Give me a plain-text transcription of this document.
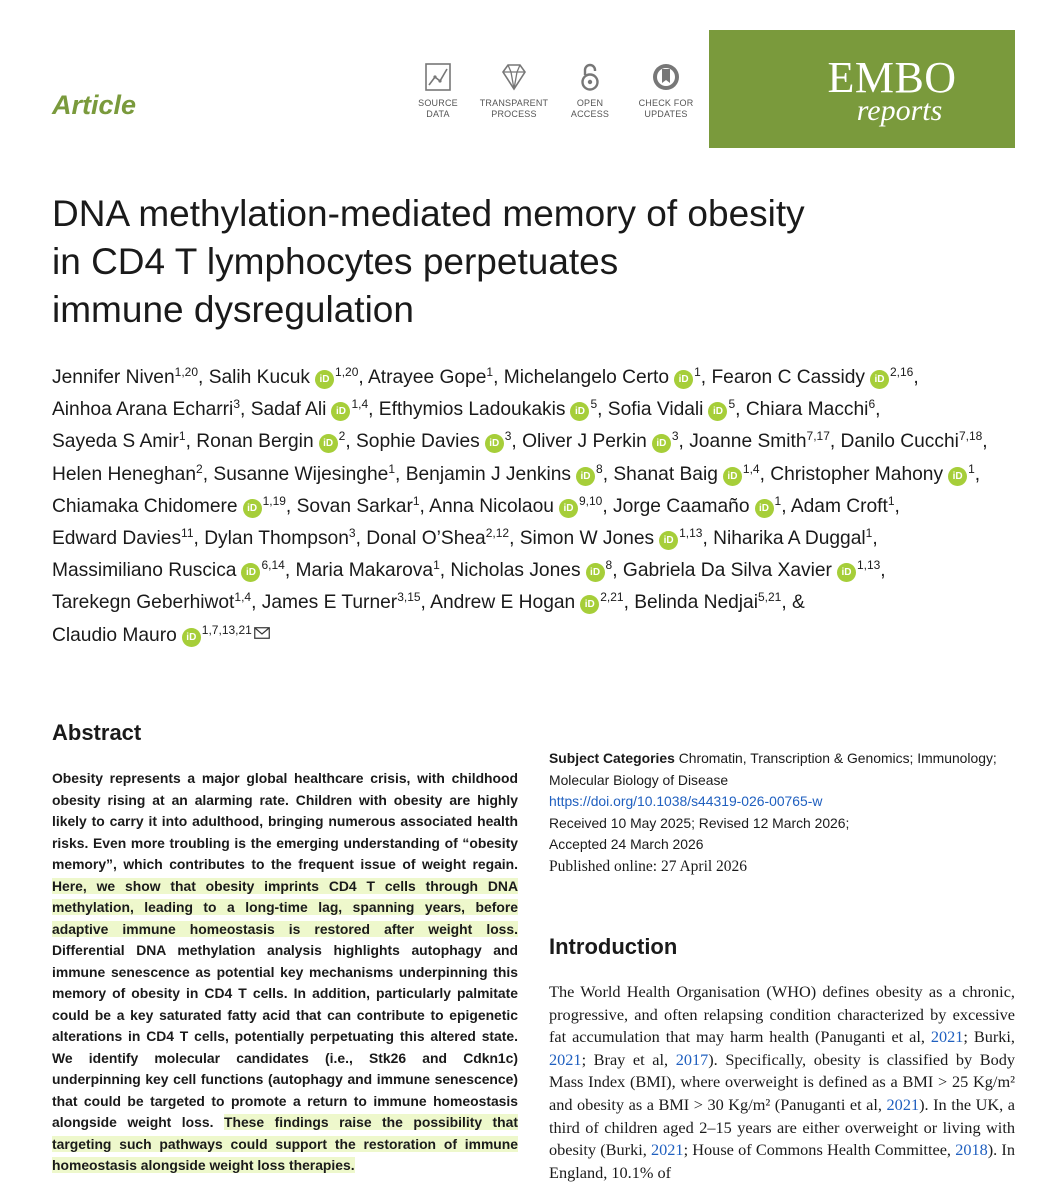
Article	SOURCE
DATA
TRANSPARENT
PROCESS
OPEN
ACCESS
CHECK FOR
UPDATES
EMBO
reports
DNA methylation-mediated memory of obesity
in CD4 T lymphocytes perpetuates
immune dysregulation
Jennifer Niven$^{1,20}$, Salih Kucuk iD$^{1,20}$, Atrayee Gope$^1$, Michelangelo Certo $iD^1$, Fearon C Cassidy iD$^{2,16}$, Ainhoa Arana Echarri$^3$, Sadaf Ali iD$^{1,4}$, Efthymios Ladoukakis $iD^5$, Sofia Vidali $iD^5$, Chiara Macchi$^6$, Sayeda S Amir$^1$, Ronan Bergin $iD^2$, Sophie Davies $iD^3$, Oliver J Perkin $iD^3$, Joanne Smith$^{7,17}$, Danilo Cucchi$^{7,18}$, Helen Heneghan$^2$, Susanne Wijesinghe$^1$, Benjamin J Jenkins $iD^8$, Shanat Baig iD$^{1,4}$, Christopher Mahony $iD^1$, Chiamaka Chidomere iD$^{1,19}$, Sovan Sarkar$^1$, Anna Nicolaou iD$^{9,10}$, Jorge Caamaño $iD^1$, Adam Croft$^1$, Edward Davies$^{11}$, Dylan Thompson$^3$, Donal O’Shea$^{2,12}$, Simon W Jones iD$^{1,13}$, Niharika A Duggal$^1$, Massimiliano Ruscica iD$^{6,14}$, Maria Makarova$^1$, Nicholas Jones $iD^8$, Gabriela Da Silva Xavier iD$^{1,13}$, Tarekegn Geberhiwot$^{1,4}$, James E Turner$^{3,15}$, Andrew E Hogan iD$^{2,21}$, Belinda Nedjai$^{5,21}$, & Claudio Mauro iD$^{1,7,13,21}$
Abstract
Obesity represents a major global healthcare crisis, with childhood obesity rising at an alarming rate. Children with obesity are highly likely to carry it into adulthood, bringing numerous associated health risks. Even more troubling is the emerging understanding of “obesity memory”, which contributes to the frequent issue of weight regain. Here, we show that obesity imprints CD4 T cells through DNA methylation, leading to a long-time lag, spanning years, before adaptive immune homeostasis is restored after weight loss. Differential DNA methylation analysis highlights autophagy and immune senescence as potential key mechanisms underpinning this memory of obesity in CD4 T cells. In addition, particularly palmitate could be a key saturated fatty acid that can contribute to epigenetic alterations in CD4 T cells, potentially perpetuating this altered state. We identify molecular candidates (i.e., Stk26 and Cdkn1c) underpinning key cell functions (autophagy and immune senescence) that could be targeted to promote a return to immune homeostasis alongside weight loss. These findings raise the possibility that targeting such pathways could support the restoration of immune homeostasis alongside weight loss therapies.
Subject Categories Chromatin, Transcription & Genomics; Immunology; Molecular Biology of Disease
https://doi.org/10.1038/s44319-026-00765-w
Received 10 May 2025; Revised 12 March 2026;
Accepted 24 March 2026
Published online: 27 April 2026
Introduction
The World Health Organisation (WHO) defines obesity as a chronic, progressive, and often relapsing condition characterized by excessive fat accumulation that may harm health (Panuganti et al, 2021; Burki, 2021; Bray et al, 2017). Specifically, obesity is classified by Body Mass Index (BMI), where overweight is defined as a BMI > 25 Kg/m² and obesity as a BMI > 30 Kg/m² (Panuganti et al, 2021). In the UK, a third of children aged 2–15 years are either overweight or living with obesity (Burki, 2021; House of Commons Health Committee, 2018). In England, 10.1% of
